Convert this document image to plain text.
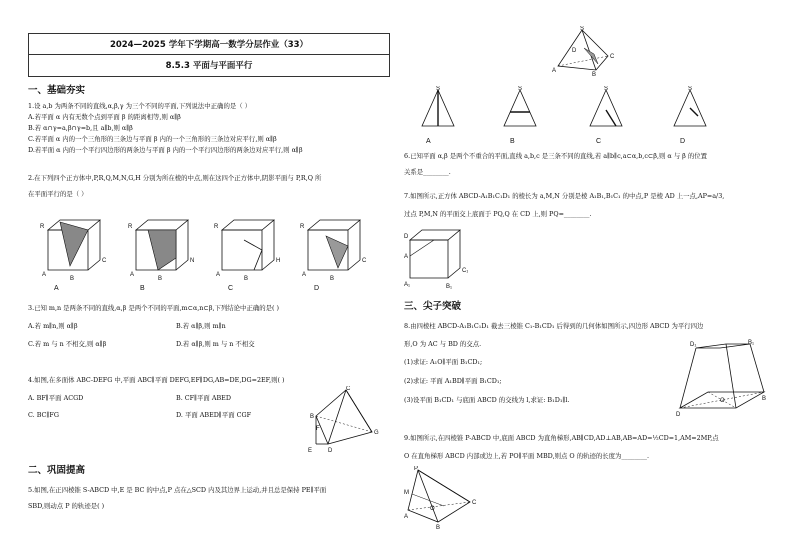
2024—2025 学年下学期高一数学分层作业（33）
8.5.3 平面与平面平行
一、基础夯实
1.设 a,b 为两条不同的直线,α,β,γ 为三个不同的平面,下列说法中正确的是（ ）
A.若平面 α 内有无数个点到平面 β 的距离相等,则 α∥β
B.若 α∩γ=a,β∩γ=b,且 a∥b,则 α∥β
C.若平面 α 内的一个三角形的三条边与平面 β 内的一个三角形的三条边对应平行,则 α∥β
D.若平面 α 内的一个平行四边形的两条边与平面 β 内的一个平行四边形的两条边对应平行,则 α∥β
2.在下列四个正方体中,P,R,Q,M,N,G,H 分别为所在棱的中点,则在这四个正方体中,阴影平面与 P,R,Q 所
在平面平行的是（ ）
R
A
B
C
R
A
B
N
R
A
B
H
R
A
B
C
A	B	C	D
3.已知 m,n 是两条不同的直线,α,β 是两个不同的平面,m⊂α,n⊂β,下列结论中正确的是( )
A.若 m∥n,则 α∥β	B.若 α∥β,则 m∥n
C.若 m 与 n 不相交,则 α∥β	D.若 α∥β,则 m 与 n 不相交
4.如图,在多面体 ABC-DEFG 中,平面 ABC∥平面 DEFG,EF∥DG,AB=DE,DG=2EF,则( )
A. BF∥平面 ACGD	B. CF∥平面 ABED
C. BC∥FG	D. 平面 ABED∥平面 CGF	B
C
G
E	D
F
二、巩固提高
5.如图,在正四棱锥 S-ABCD 中,E 是 BC 的中点,P 点在△SCD 内及其边界上运动,并且总是保持 PE∥平面
SBD,则动点 P 的轨迹是( )
S
A
B
C
D
S	S	S	S
A	B	C	D
6.已知平面 α,β 是两个不重合的平面,直线 a,b,c 是三条不同的直线,若 a∥b∥c,a⊂α,b,c⊂β,则 α 与 β 的位置
关系是________.
7.如图所示,正方体 ABCD-A₁B₁C₁D₁ 的棱长为 a,M,N 分别是棱 A₁B₁,B₁C₁ 的中点,P 是棱 AD 上一点,AP=a/3,
过点 P,M,N 的平面交上底面于 PQ,Q 在 CD 上,则 PQ=________.
D
A₁	B₁
C₁
A
三、尖子突破
8.由四棱柱 ABCD-A₁B₁C₁D₁ 截去三棱锥 C₁-B₁CD₁ 后得到的几何体如图所示,四边形 ABCD 为平行四边
形,O 为 AC 与 BD 的交点.
(1)求证: A₁O∥平面 B₁CD₁;
(2)求证: 平面 A₁BD∥平面 B₁CD₁;
(3)设平面 B₁CD₁ 与底面 ABCD 的交线为 l,求证: B₁D₁∥l.
D₁	B₁
D
B
O
9.如图所示,在四棱锥 P-ABCD 中,底面 ABCD 为直角梯形,AB∥CD,AD⊥AB,AB=AD=½CD=1,AM=2MP,点
O 在直角梯形 ABCD 内部或边上,若 PO∥平面 MBD,则点 O 的轨迹的长度为________.
P
M
A
B
C
O
